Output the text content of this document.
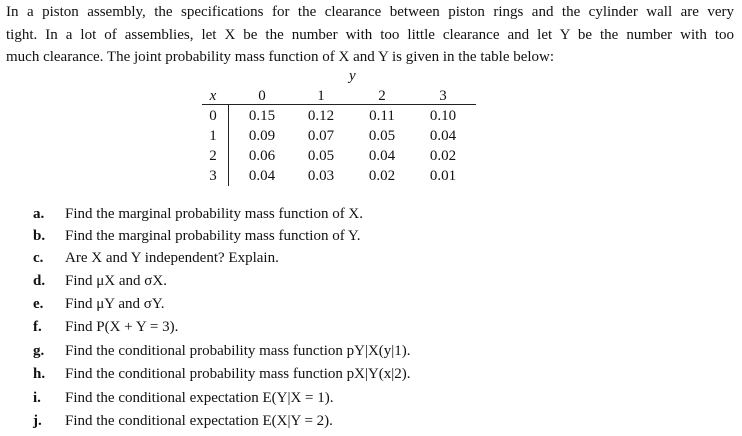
In a piston assembly, the specifications for the clearance between piston rings and the cylinder wall are very
tight. In a lot of assemblies, let X be the number with too little clearance and let Y be the number with too
much clearance. The joint probability mass function of X and Y is given in the table below:
y
x	0	1	2	3
0	0.15	0.12	0.11	0.10
1	0.09	0.07	0.05	0.04
2	0.06	0.05	0.04	0.02
3	0.04	0.03	0.02	0.01
a.	Find the marginal probability mass function of X.
b.	Find the marginal probability mass function of Y.
c.	Are X and Y independent? Explain.
d.	Find μX and σX.
e.	Find μY and σY.
f.	Find P(X + Y = 3).
g.	Find the conditional probability mass function pY|X(y|1).
h.	Find the conditional probability mass function pX|Y(x|2).
i.	Find the conditional expectation E(Y|X = 1).
j.	Find the conditional expectation E(X|Y = 2).
